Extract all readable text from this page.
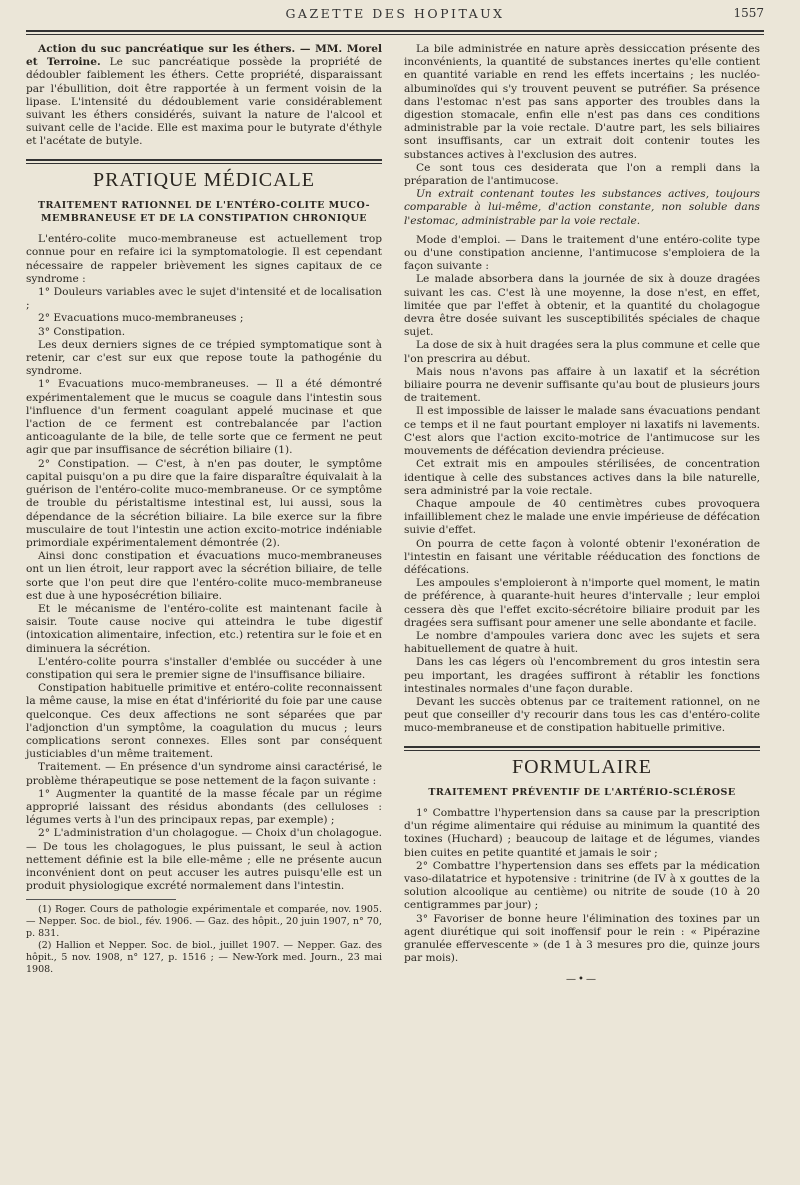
GAZETTE DES HOPITAUX	1557

Action du suc pancréatique sur les éthers. — MM. Morel et Terroine. Le suc pancréatique possède la propriété de dédoubler faiblement les éthers. Cette propriété, disparaissant par l'ébullition, doit être rapportée à un ferment voisin de la lipase. L'intensité du dédoublement varie considérablement suivant les éthers considérés, suivant la nature de l'alcool et suivant celle de l'acide. Elle est maxima pour le butyrate d'éthyle et l'acétate de butyle.

PRATIQUE MÉDICALE
TRAITEMENT RATIONNEL DE L'ENTÉRO-COLITE MUCO-MEMBRANEUSE ET DE LA CONSTIPATION CHRONIQUE

L'entéro-colite muco-membraneuse est actuellement trop connue pour en refaire ici la symptomatologie. Il est cependant nécessaire de rappeler brièvement les signes capitaux de ce syndrome :

1° Douleurs variables avec le sujet d'intensité et de localisation ;

2° Evacuations muco-membraneuses ;

3° Constipation.

Les deux derniers signes de ce trépied symptomatique sont à retenir, car c'est sur eux que repose toute la pathogénie du syndrome.

1° Evacuations muco-membraneuses. — Il a été démontré expérimentalement que le mucus se coagule dans l'intestin sous l'influence d'un ferment coagulant appelé mucinase et que l'action de ce ferment est contrebalancée par l'action anticoagulante de la bile, de telle sorte que ce ferment ne peut agir que par insuffisance de sécrétion biliaire (1).

2° Constipation. — C'est, à n'en pas douter, le symptôme capital puisqu'on a pu dire que la faire disparaître équivalait à la guérison de l'entéro-colite muco-membraneuse. Or ce symptôme de trouble du péristaltisme intestinal est, lui aussi, sous la dépendance de la sécrétion biliaire. La bile exerce sur la fibre musculaire de tout l'intestin une action excito-motrice indéniable primordiale expérimentalement démontrée (2).

Ainsi donc constipation et évacuations muco-membraneuses ont un lien étroit, leur rapport avec la sécrétion biliaire, de telle sorte que l'on peut dire que l'entéro-colite muco-membraneuse est due à une hyposécrétion biliaire.

Et le mécanisme de l'entéro-colite est maintenant facile à saisir. Toute cause nocive qui atteindra le tube digestif (intoxication alimentaire, infection, etc.) retentira sur le foie et en diminuera la sécrétion.

L'entéro-colite pourra s'installer d'emblée ou succéder à une constipation qui sera le premier signe de l'insuffisance biliaire.

Constipation habituelle primitive et entéro-colite reconnaissent la même cause, la mise en état d'infériorité du foie par une cause quelconque. Ces deux affections ne sont séparées que par l'adjonction d'un symptôme, la coagulation du mucus ; leurs complications seront connexes. Elles sont par conséquent justiciables d'un même traitement.

Traitement. — En présence d'un syndrome ainsi caractérisé, le problème thérapeutique se pose nettement de la façon suivante :

1° Augmenter la quantité de la masse fécale par un régime approprié laissant des résidus abondants (des celluloses : légumes verts à l'un des principaux repas, par exemple) ;

2° L'administration d'un cholagogue. — Choix d'un cholagogue. — De tous les cholagogues, le plus puissant, le seul à action nettement définie est la bile elle-même ; elle ne présente aucun inconvénient dont on peut accuser les autres puisqu'elle est un produit physiologique excrété normalement dans l'intestin.

(1) Roger. Cours de pathologie expérimentale et comparée, nov. 1905. — Nepper. Soc. de biol., fév. 1906. — Gaz. des hôpit., 20 juin 1907, n° 70, p. 831.

(2) Hallion et Nepper. Soc. de biol., juillet 1907. — Nepper. Gaz. des hôpit., 5 nov. 1908, n° 127, p. 1516 ; — New-York med. Journ., 23 mai 1908.

La bile administrée en nature après dessiccation présente des inconvénients, la quantité de substances inertes qu'elle contient en quantité variable en rend les effets incertains ; les nucléo-albuminoïdes qui s'y trouvent peuvent se putréfier. Sa présence dans l'estomac n'est pas sans apporter des troubles dans la digestion stomacale, enfin elle n'est pas dans ces conditions administrable par la voie rectale. D'autre part, les sels biliaires sont insuffisants, car un extrait doit contenir toutes les substances actives à l'exclusion des autres.

Ce sont tous ces desiderata que l'on a rempli dans la préparation de l'antimucose.

Un extrait contenant toutes les substances actives, toujours comparable à lui-même, d'action constante, non soluble dans l'estomac, administrable par la voie rectale.

Mode d'emploi. — Dans le traitement d'une entéro-colite type ou d'une constipation ancienne, l'antimucose s'emploiera de la façon suivante :

Le malade absorbera dans la journée de six à douze dragées suivant les cas. C'est là une moyenne, la dose n'est, en effet, limitée que par l'effet à obtenir, et la quantité du cholagogue devra être dosée suivant les susceptibilités spéciales de chaque sujet.

La dose de six à huit dragées sera la plus commune et celle que l'on prescrira au début.

Mais nous n'avons pas affaire à un laxatif et la sécrétion biliaire pourra ne devenir suffisante qu'au bout de plusieurs jours de traitement.

Il est impossible de laisser le malade sans évacuations pendant ce temps et il ne faut pourtant employer ni laxatifs ni lavements. C'est alors que l'action excito-motrice de l'antimucose sur les mouvements de défécation deviendra précieuse.

Cet extrait mis en ampoules stérilisées, de concentration identique à celle des substances actives dans la bile naturelle, sera administré par la voie rectale.

Chaque ampoule de 40 centimètres cubes provoquera infailliblement chez le malade une envie impérieuse de défécation suivie d'effet.

On pourra de cette façon à volonté obtenir l'exonération de l'intestin en faisant une véritable rééducation des fonctions de défécations.

Les ampoules s'emploieront à n'importe quel moment, le matin de préférence, à quarante-huit heures d'intervalle ; leur emploi cessera dès que l'effet excito-sécrétoire biliaire produit par les dragées sera suffisant pour amener une selle abondante et facile.

Le nombre d'ampoules variera donc avec les sujets et sera habituellement de quatre à huit.

Dans les cas légers où l'encombrement du gros intestin sera peu important, les dragées suffiront à rétablir les fonctions intestinales normales d'une façon durable.

Devant les succès obtenus par ce traitement rationnel, on ne peut que conseiller d'y recourir dans tous les cas d'entéro-colite muco-membraneuse et de constipation habituelle primitive.

FORMULAIRE
TRAITEMENT PRÉVENTIF DE L'ARTÉRIO-SCLÉROSE

1° Combattre l'hypertension dans sa cause par la prescription d'un régime alimentaire qui réduise au minimum la quantité des toxines (Huchard) ; beaucoup de laitage et de légumes, viandes bien cuites en petite quantité et jamais le soir ;

2° Combattre l'hypertension dans ses effets par la médication vaso-dilatatrice et hypotensive : trinitrine (de IV à x gouttes de la solution alcoolique au centième) ou nitrite de soude (10 à 20 centigrammes par jour) ;

3° Favoriser de bonne heure l'élimination des toxines par un agent diurétique qui soit inoffensif pour le rein : « Pipérazine granulée effervescente » (de 1 à 3 mesures pro die, quinze jours par mois).

—•—
